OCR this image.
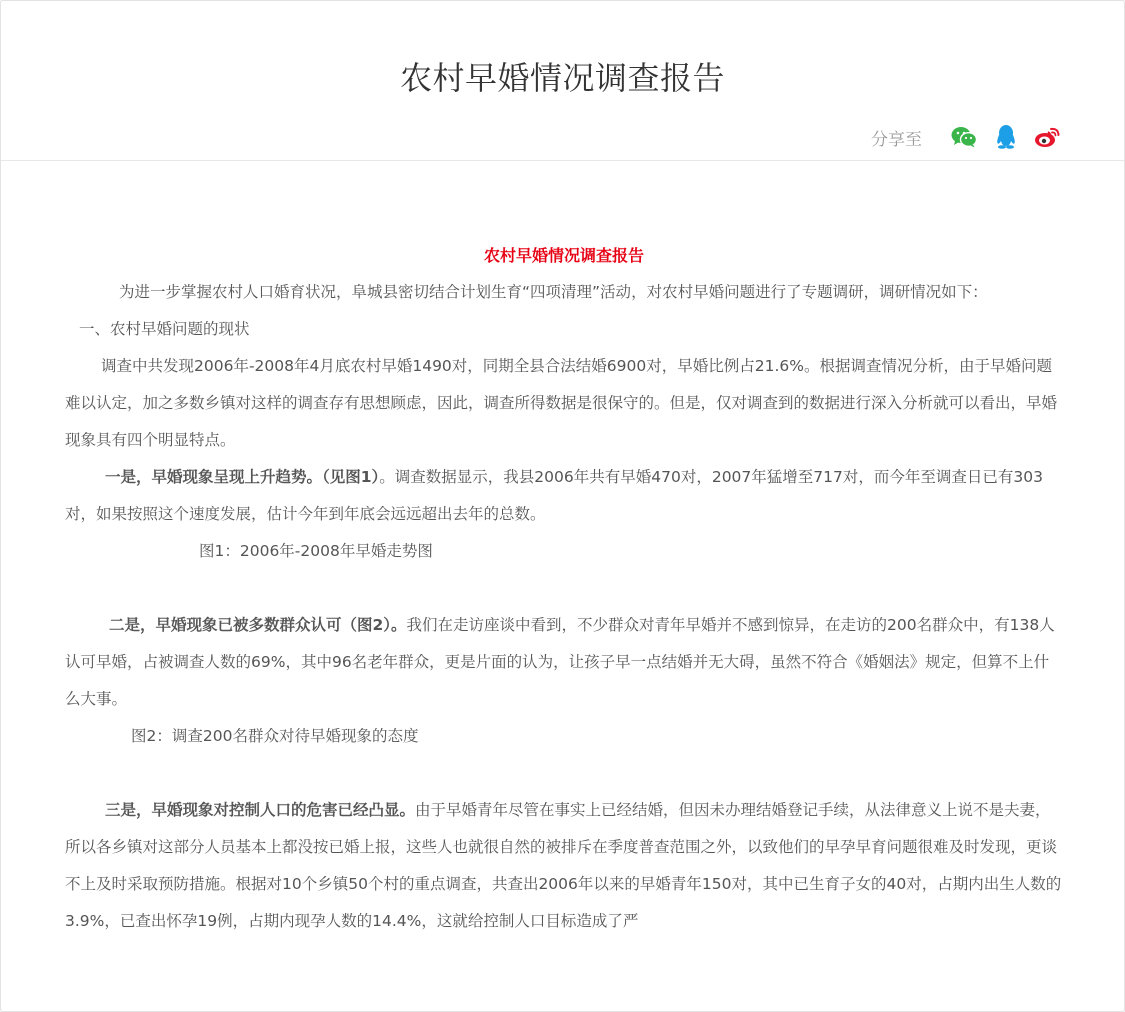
农村早婚情况调查报告
分享至

农村早婚情况调查报告

为进一步掌握农村人口婚育状况，阜城县密切结合计划生育“四项清理”活动，对农村早婚问题进行了专题调研，调研情况如下：

一、农村早婚问题的现状

调查中共发现2006年-2008年4月底农村早婚1490对，同期全县合法结婚6900对，早婚比例占21.6%。根据调查情况分析，由于早婚问题难以认定，加之多数乡镇对这样的调查存有思想顾虑，因此，调查所得数据是很保守的。但是，仅对调查到的数据进行深入分析就可以看出，早婚现象具有四个明显特点。

一是，早婚现象呈现上升趋势。（见图1）。调查数据显示，我县2006年共有早婚470对，2007年猛增至717对，而今年至调查日已有303对，如果按照这个速度发展，估计今年到年底会远远超出去年的总数。

图1：2006年-2008年早婚走势图

二是，早婚现象已被多数群众认可（图2）。我们在走访座谈中看到，不少群众对青年早婚并不感到惊异，在走访的200名群众中，有138人认可早婚，占被调查人数的69%，其中96名老年群众，更是片面的认为，让孩子早一点结婚并无大碍，虽然不符合《婚姻法》规定，但算不上什么大事。

图2：调查200名群众对待早婚现象的态度

三是，早婚现象对控制人口的危害已经凸显。由于早婚青年尽管在事实上已经结婚，但因未办理结婚登记手续，从法律意义上说不是夫妻，所以各乡镇对这部分人员基本上都没按已婚上报，这些人也就很自然的被排斥在季度普查范围之外，以致他们的早孕早育问题很难及时发现，更谈不上及时采取预防措施。根据对10个乡镇50个村的重点调查，共查出2006年以来的早婚青年150对，其中已生育子女的40对，占期内出生人数的3.9%，已查出怀孕19例，占期内现孕人数的14.4%，这就给控制人口目标造成了严
